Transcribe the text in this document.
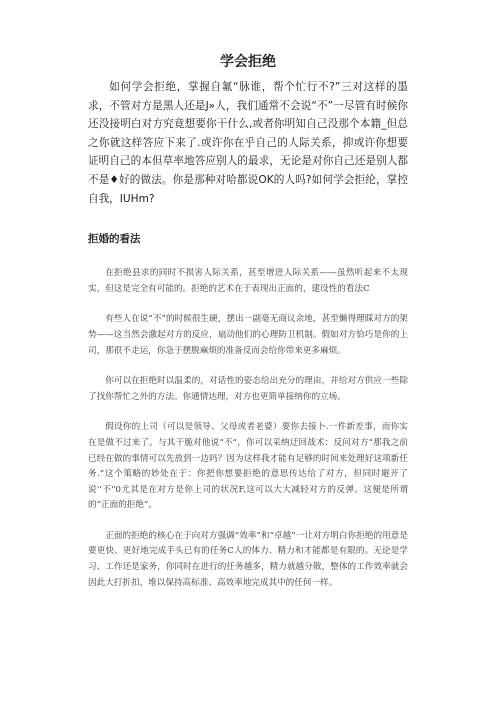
学会拒绝

如何学会拒绝，掌握自氟“脉谁，帮个忙行不?”三对这样的墨求，不管对方是黑人还是J»人，我们通常不会说“不”一尽管有时候你还没接明白对方究竟想要你干什么,或者你明知自己没那个本籍_但总之你就这样答应下来了.或许你在乎自己的人际关系，抑或许你想要证明自己的本但草率地答应别人的最求，无论是对你自己还是别人都不是♦好的做法。你是那种对哈都说OK的人吗?如何学会拒纶，掌控自我，IUHm?

拒婚的看法

在拒绝县求的同时不损害人际关系，甚至增进人际关系——虽然听起来不太现实，但这是完全有可能的。拒绝的艺术在于表现出正面的，建设性的看法C

有些人在说“不”的时候很生硬，摆出一副毫无商议余地，甚至懒得理睬对方的架势——这当然会激起对方的反应，扇动他们的心理防卫机制。假如对方恰巧是你的上司，那很不走运，你急于摆脱麻烦的准备反而会给你带来更多麻烦。

你可以在拒绝时以温柔的，对话性的姿态给出充分的理由，并给对方供应一些除了找你帮忙之外的方法。你通情达理，对方也更简单接纳你的立场。

假设你的上司（可以是领导、父母或者老婆）要你去接卜.一件新差事，而你实在是做不过来了。与其干脆对他说“不“，你可以采纳迂回战术：反问对方“那我之前已经在做的事情可以先放到一边吗？因为这样我才能有足够的时间来处理好这项新任务.”这个策略的妙处在于：你把你想要拒绝的意思传达给了对方，但同时避开了说'‘不"0尤其是在对方是你上司的状况F,这可以大大减轻对方的反弹。这便是所谓的“正面的拒绝”。

正面的拒绝的核心在于向对方强调“效率”和“卓越”一让对方明白你拒绝的用意是要更快、更好地完成手头已有的任务C人的体力、精力和才能都是有限的。无论是学习、工作还是家务，你同时在进行的任务越多，精力就越分散，整体的工作效率就会因此大打折扣，堆以保持高标准、高效率地完成其中的任何一样。
